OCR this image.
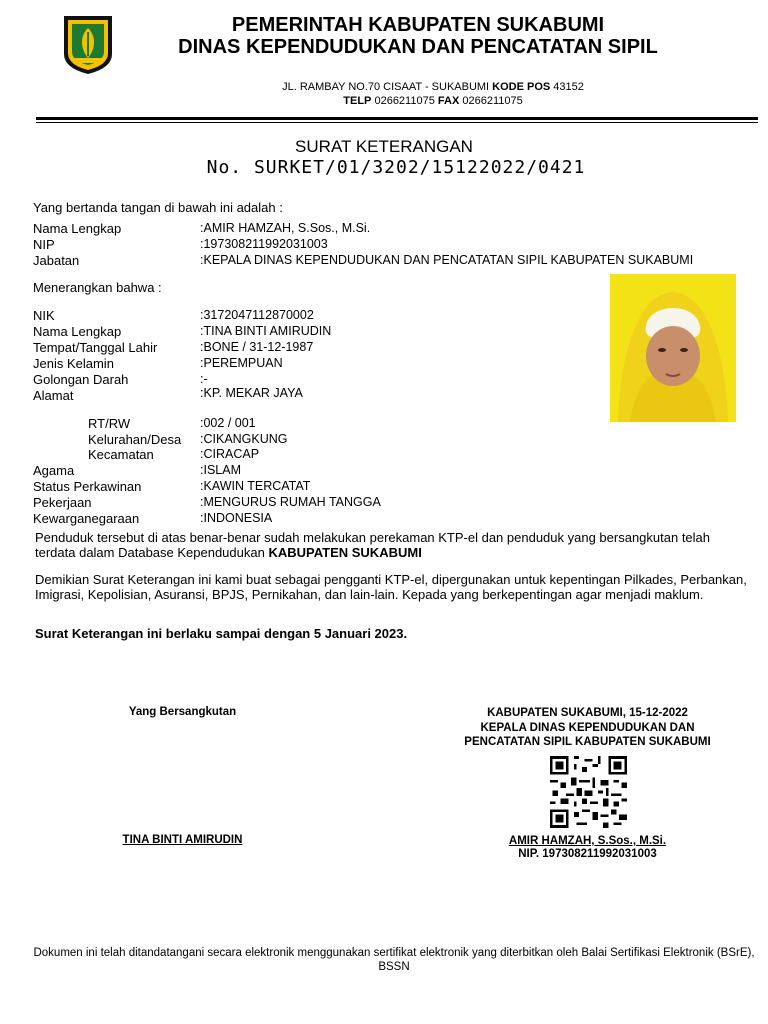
PEMERINTAH KABUPATEN SUKABUMI
DINAS KEPENDUDUKAN DAN PENCATATAN SIPIL
JL. RAMBAY NO.70 CISAAT - SUKABUMI KODE POS 43152
TELP 0266211075 FAX 0266211075
SURAT KETERANGAN
No. SURKET/01/3202/15122022/0421
Yang bertanda tangan di bawah ini adalah :
Nama Lengkap	:AMIR HAMZAH, S.Sos., M.Si.
NIP	:197308211992031003
Jabatan	:KEPALA DINAS KEPENDUDUKAN DAN PENCATATAN SIPIL KABUPATEN SUKABUMI
Menerangkan bahwa :
NIK	:3172047112870002
Nama Lengkap	:TINA BINTI AMIRUDIN
Tempat/Tanggal Lahir	:BONE / 31-12-1987
Jenis Kelamin	:PEREMPUAN
Golongan Darah	:-
Alamat	:KP. MEKAR JAYA
RT/RW	:002 / 001
Kelurahan/Desa :CIKANGKUNG
Kecamatan	:CIRACAP
Agama	:ISLAM
Status Perkawinan	:KAWIN TERCATAT
Pekerjaan	:MENGURUS RUMAH TANGGA
Kewarganegaraan	:INDONESIA
Penduduk tersebut di atas benar-benar sudah melakukan perekaman KTP-el dan penduduk yang bersangkutan telah terdata dalam Database Kependudukan KABUPATEN SUKABUMI
Demikian Surat Keterangan ini kami buat sebagai pengganti KTP-el, dipergunakan untuk kepentingan Pilkades, Perbankan, Imigrasi, Kepolisian, Asuransi, BPJS, Pernikahan, dan lain-lain. Kepada yang berkepentingan agar menjadi maklum.
Surat Keterangan ini berlaku sampai dengan 5 Januari 2023.
Yang Bersangkutan
TINA BINTI AMIRUDIN
KABUPATEN SUKABUMI, 15-12-2022
KEPALA DINAS KEPENDUDUKAN DAN
PENCATATAN SIPIL KABUPATEN SUKABUMI
AMIR HAMZAH, S.Sos., M.Si.
NIP. 197308211992031003
Dokumen ini telah ditandatangani secara elektronik menggunakan sertifikat elektronik yang diterbitkan oleh Balai Sertifikasi Elektronik (BSrE), BSSN
